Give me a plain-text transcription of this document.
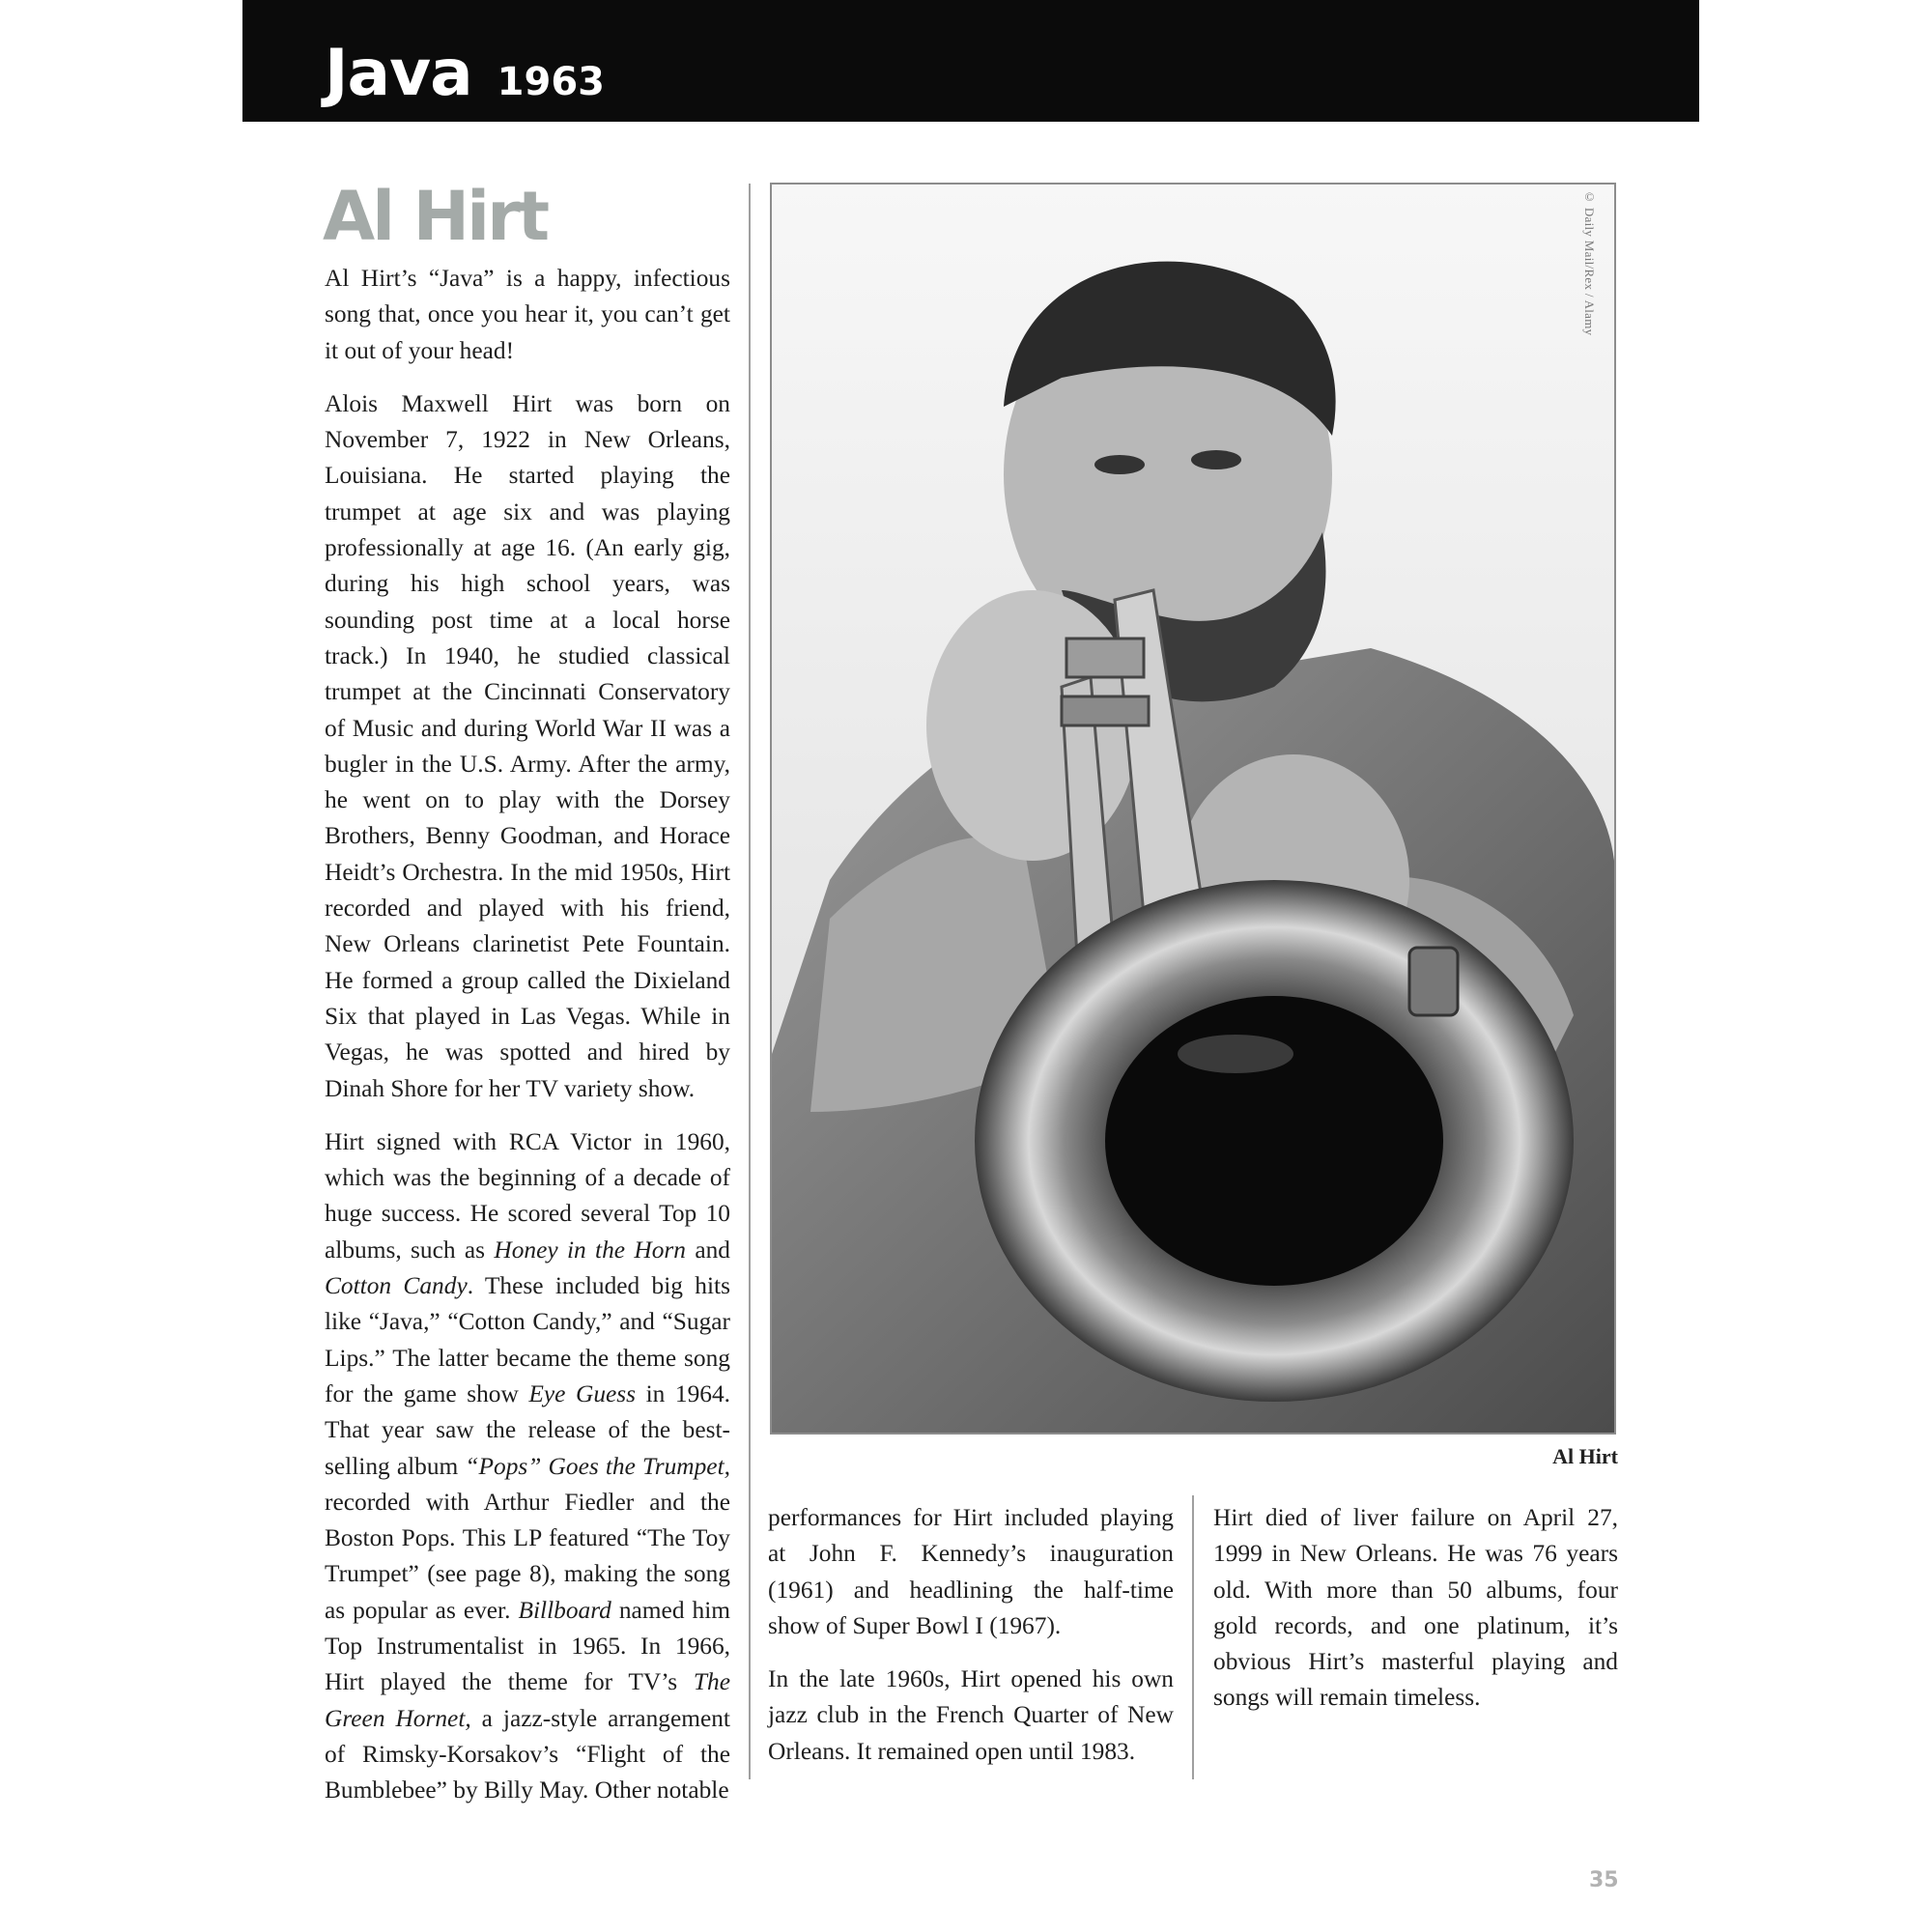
Java 1963
Al Hirt

Al Hirt’s “Java” is a happy, infectious song that, once you hear it, you can’t get it out of your head!

Alois Maxwell Hirt was born on November 7, 1922 in New Orleans, Louisiana. He started playing the trumpet at age six and was playing professionally at age 16. (An early gig, during his high school years, was sounding post time at a local horse track.) In 1940, he studied classical trumpet at the Cincinnati Conservatory of Music and during World War II was a bugler in the U.S. Army. After the army, he went on to play with the Dorsey Brothers, Benny Goodman, and Horace Heidt’s Orchestra. In the mid 1950s, Hirt recorded and played with his friend, New Orleans clarinetist Pete Fountain. He formed a group called the Dixieland Six that played in Las Vegas. While in Vegas, he was spotted and hired by Dinah Shore for her TV variety show.

Hirt signed with RCA Victor in 1960, which was the beginning of a decade of huge success. He scored several Top 10 albums, such as Honey in the Horn and Cotton Candy. These included big hits like “Java,” “Cotton Candy,” and “Sugar Lips.” The latter became the theme song for the game show Eye Guess in 1964. That year saw the release of the best-selling album “Pops” Goes the Trumpet, recorded with Arthur Fiedler and the Boston Pops. This LP featured “The Toy Trumpet” (see page 8), making the song as popular as ever. Billboard named him Top Instrumentalist in 1965. In 1966, Hirt played the theme for TV’s The Green Hornet, a jazz-style arrangement of Rimsky-Korsakov’s “Flight of the Bumblebee” by Billy May. Other notable

© Daily Mail/Rex / Alamy
Al Hirt

performances for Hirt included playing at John F. Kennedy’s inauguration (1961) and headlining the half-time show of Super Bowl I (1967).

In the late 1960s, Hirt opened his own jazz club in the French Quarter of New Orleans. It remained open until 1983.

Hirt died of liver failure on April 27, 1999 in New Orleans. He was 76 years old. With more than 50 albums, four gold records, and one platinum, it’s obvious Hirt’s masterful playing and songs will remain timeless.

35
